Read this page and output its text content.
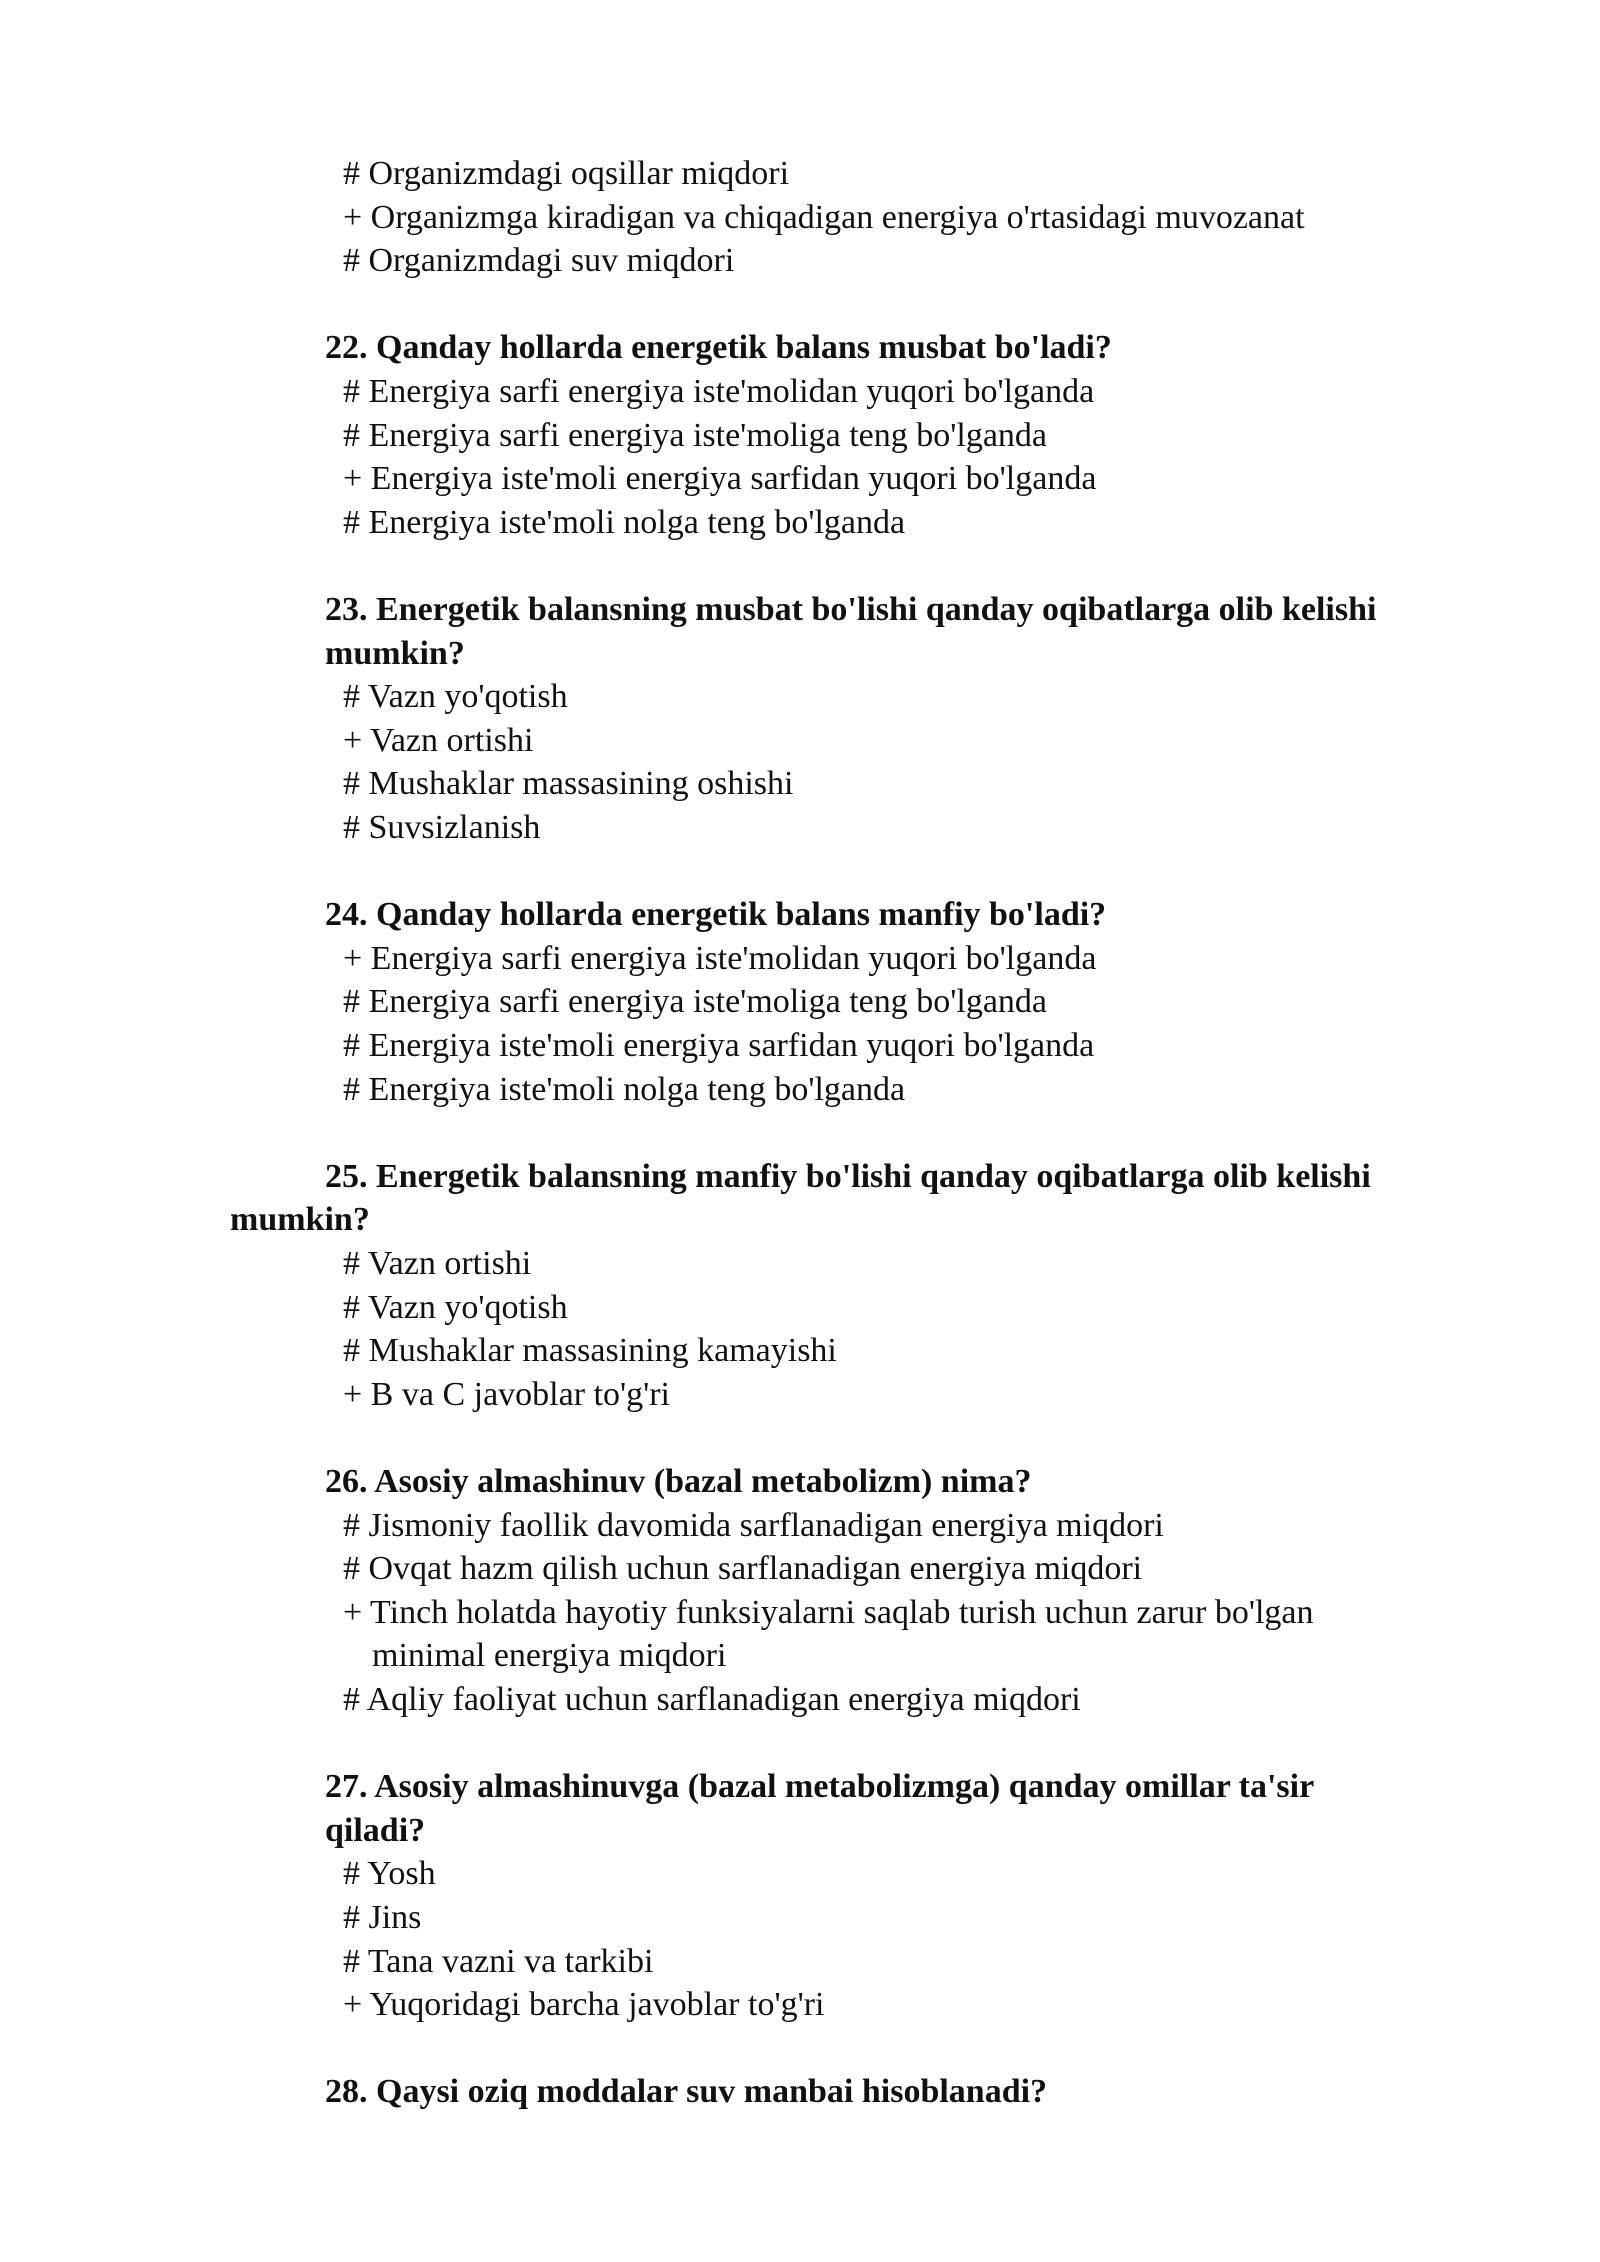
# Organizmdagi oqsillar miqdori
+ Organizmga kiradigan va chiqadigan energiya o'rtasidagi muvozanat
# Organizmdagi suv miqdori
22. Qanday hollarda energetik balans musbat bo'ladi?
# Energiya sarfi energiya iste'molidan yuqori bo'lganda
# Energiya sarfi energiya iste'moliga teng bo'lganda
+ Energiya iste'moli energiya sarfidan yuqori bo'lganda
# Energiya iste'moli nolga teng bo'lganda
23. Energetik balansning musbat bo'lishi qanday oqibatlarga olib kelishi
mumkin?
# Vazn yo'qotish
+ Vazn ortishi
# Mushaklar massasining oshishi
# Suvsizlanish
24. Qanday hollarda energetik balans manfiy bo'ladi?
+ Energiya sarfi energiya iste'molidan yuqori bo'lganda
# Energiya sarfi energiya iste'moliga teng bo'lganda
# Energiya iste'moli energiya sarfidan yuqori bo'lganda
# Energiya iste'moli nolga teng bo'lganda
25. Energetik balansning manfiy bo'lishi qanday oqibatlarga olib kelishi
mumkin?
# Vazn ortishi
# Vazn yo'qotish
# Mushaklar massasining kamayishi
+ B va C javoblar to'g'ri
26. Asosiy almashinuv (bazal metabolizm) nima?
# Jismoniy faollik davomida sarflanadigan energiya miqdori
# Ovqat hazm qilish uchun sarflanadigan energiya miqdori
+ Tinch holatda hayotiy funksiyalarni saqlab turish uchun zarur bo'lgan
minimal energiya miqdori
# Aqliy faoliyat uchun sarflanadigan energiya miqdori
27. Asosiy almashinuvga (bazal metabolizmga) qanday omillar ta'sir
qiladi?
# Yosh
# Jins
# Tana vazni va tarkibi
+ Yuqoridagi barcha javoblar to'g'ri
28. Qaysi oziq moddalar suv manbai hisoblanadi?
